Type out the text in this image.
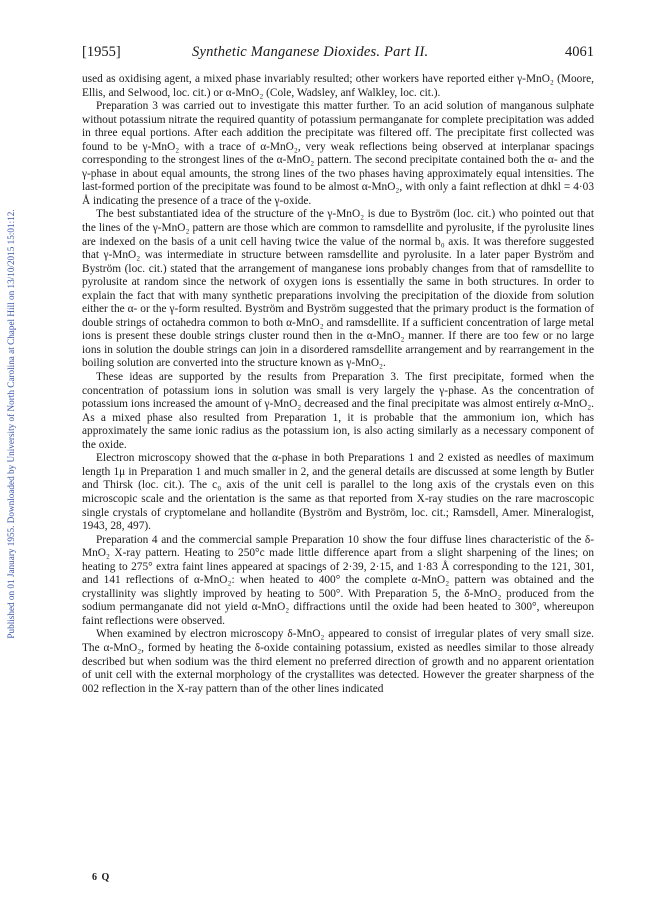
Published on 01 January 1955. Downloaded by University of North Carolina at Chapel Hill on 13/10/2015 15:01:12.
[1955]	Synthetic Manganese Dioxides. Part II.	4061

used as oxidising agent, a mixed phase invariably resulted; other workers have reported either γ-MnO₂ (Moore, Ellis, and Selwood, loc. cit.) or α-MnO₂ (Cole, Wadsley, anf Walkley, loc. cit.).

Preparation 3 was carried out to investigate this matter further. To an acid solution of manganous sulphate without potassium nitrate the required quantity of potassium permanganate for complete precipitation was added in three equal portions. After each addition the precipitate was filtered off. The precipitate first collected was found to be γ-MnO₂ with a trace of α-MnO₂, very weak reflections being observed at interplanar spacings corresponding to the strongest lines of the α-MnO₂ pattern. The second precipitate contained both the α- and the γ-phase in about equal amounts, the strong lines of the two phases having approximately equal intensities. The last-formed portion of the precipitate was found to be almost α-MnO₂, with only a faint reflection at dhkl = 4·03 Å indicating the presence of a trace of the γ-oxide.

The best substantiated idea of the structure of the γ-MnO₂ is due to Byström (loc. cit.) who pointed out that the lines of the γ-MnO₂ pattern are those which are common to ramsdellite and pyrolusite, if the pyrolusite lines are indexed on the basis of a unit cell having twice the value of the normal b₀ axis. It was therefore suggested that γ-MnO₂ was intermediate in structure between ramsdellite and pyrolusite. In a later paper Byström and Byström (loc. cit.) stated that the arrangement of manganese ions probably changes from that of ramsdellite to pyrolusite at random since the network of oxygen ions is essentially the same in both structures. In order to explain the fact that with many synthetic preparations involving the precipitation of the dioxide from solution either the α- or the γ-form resulted. Byström and Byström suggested that the primary product is the formation of double strings of octahedra common to both α-MnO₂ and ramsdellite. If a sufficient concentration of large metal ions is present these double strings cluster round then in the α-MnO₂ manner. If there are too few or no large ions in solution the double strings can join in a disordered ramsdellite arrangement and by rearrangement in the boiling solution are converted into the structure known as γ-MnO₂.

These ideas are supported by the results from Preparation 3. The first precipitate, formed when the concentration of potassium ions in solution was small is very largely the γ-phase. As the concentration of potassium ions increased the amount of γ-MnO₂ decreased and the final precipitate was almost entirely α-MnO₂. As a mixed phase also resulted from Preparation 1, it is probable that the ammonium ion, which has approximately the same ionic radius as the potassium ion, is also acting similarly as a necessary component of the oxide.

Electron microscopy showed that the α-phase in both Preparations 1 and 2 existed as needles of maximum length 1μ in Preparation 1 and much smaller in 2, and the general details are discussed at some length by Butler and Thirsk (loc. cit.). The c₀ axis of the unit cell is parallel to the long axis of the crystals even on this microscopic scale and the orientation is the same as that reported from X-ray studies on the rare macroscopic single crystals of cryptomelane and hollandite (Byström and Byström, loc. cit.; Ramsdell, Amer. Mineralogist, 1943, 28, 497).

Preparation 4 and the commercial sample Preparation 10 show the four diffuse lines characteristic of the δ-MnO₂ X-ray pattern. Heating to 250°c made little difference apart from a slight sharpening of the lines; on heating to 275° extra faint lines appeared at spacings of 2·39, 2·15, and 1·83 Å corresponding to the 121, 301, and 141 reflections of α-MnO₂: when heated to 400° the complete α-MnO₂ pattern was obtained and the crystallinity was slightly improved by heating to 500°. With Preparation 5, the δ-MnO₂ produced from the sodium permanganate did not yield α-MnO₂ diffractions until the oxide had been heated to 300°, whereupon faint reflections were observed.

When examined by electron microscopy δ-MnO₂ appeared to consist of irregular plates of very small size. The α-MnO₂, formed by heating the δ-oxide containing potassium, existed as needles similar to those already described but when sodium was the third element no preferred direction of growth and no apparent orientation of unit cell with the external morphology of the crystallites was detected. However the greater sharpness of the 002 reflection in the X-ray pattern than of the other lines indicated

6 Q
